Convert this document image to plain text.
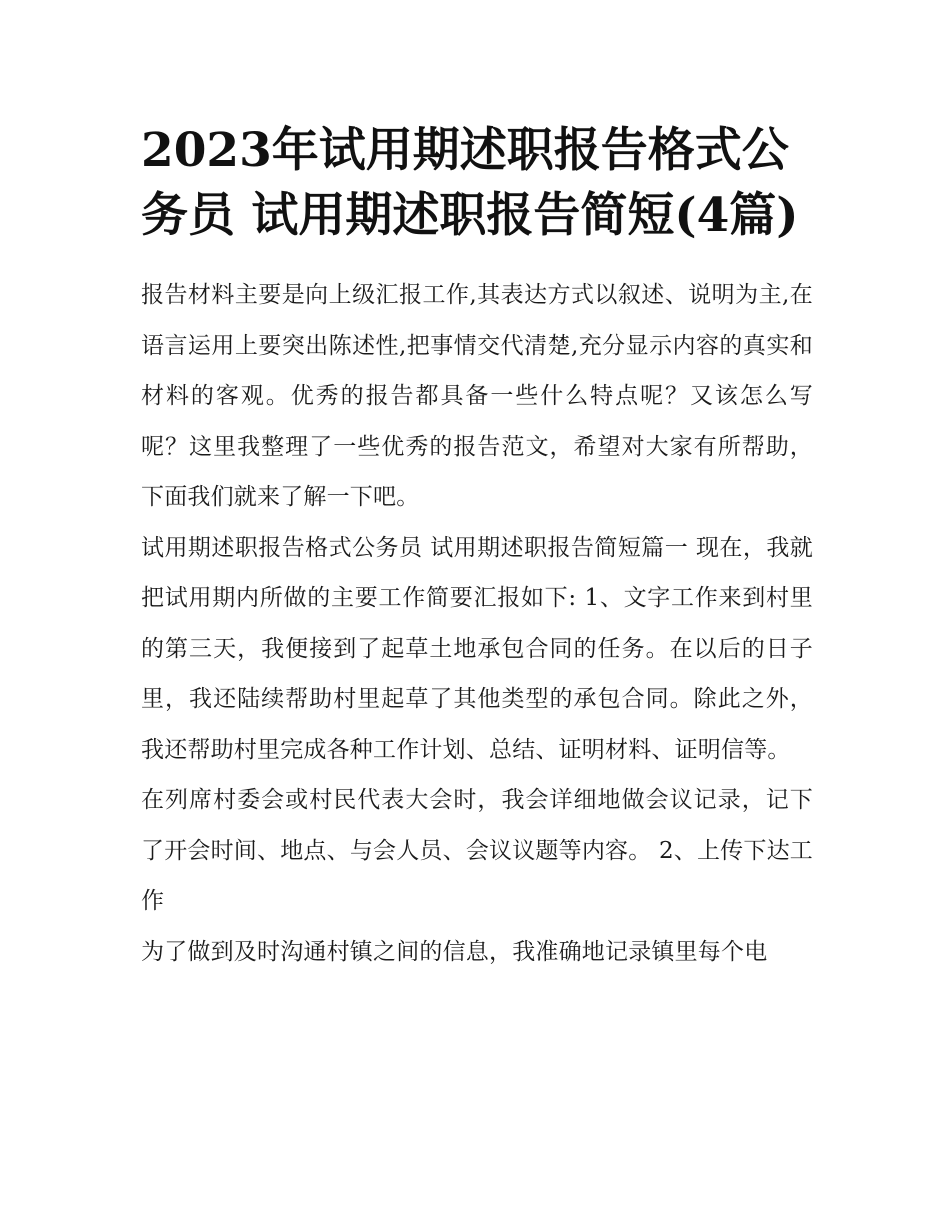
2023年试用期述职报告格式公务员 试用期述职报告简短(4篇)

报告材料主要是向上级汇报工作,其表达方式以叙述、说明为主,在语言运用上要突出陈述性,把事情交代清楚,充分显示内容的真实和材料的客观。优秀的报告都具备一些什么特点呢？又该怎么写呢？这里我整理了一些优秀的报告范文，希望对大家有所帮助，下面我们就来了解一下吧。

试用期述职报告格式公务员 试用期述职报告简短篇一 现在，我就把试用期内所做的主要工作简要汇报如下: 1、文字工作来到村里的第三天，我便接到了起草土地承包合同的任务。在以后的日子里，我还陆续帮助村里起草了其他类型的承包合同。除此之外，我还帮助村里完成各种工作计划、总结、证明材料、证明信等。

在列席村委会或村民代表大会时，我会详细地做会议记录，记下了开会时间、地点、与会人员、会议议题等内容。 2、上传下达工作

为了做到及时沟通村镇之间的信息，我准确地记录镇里每个电
